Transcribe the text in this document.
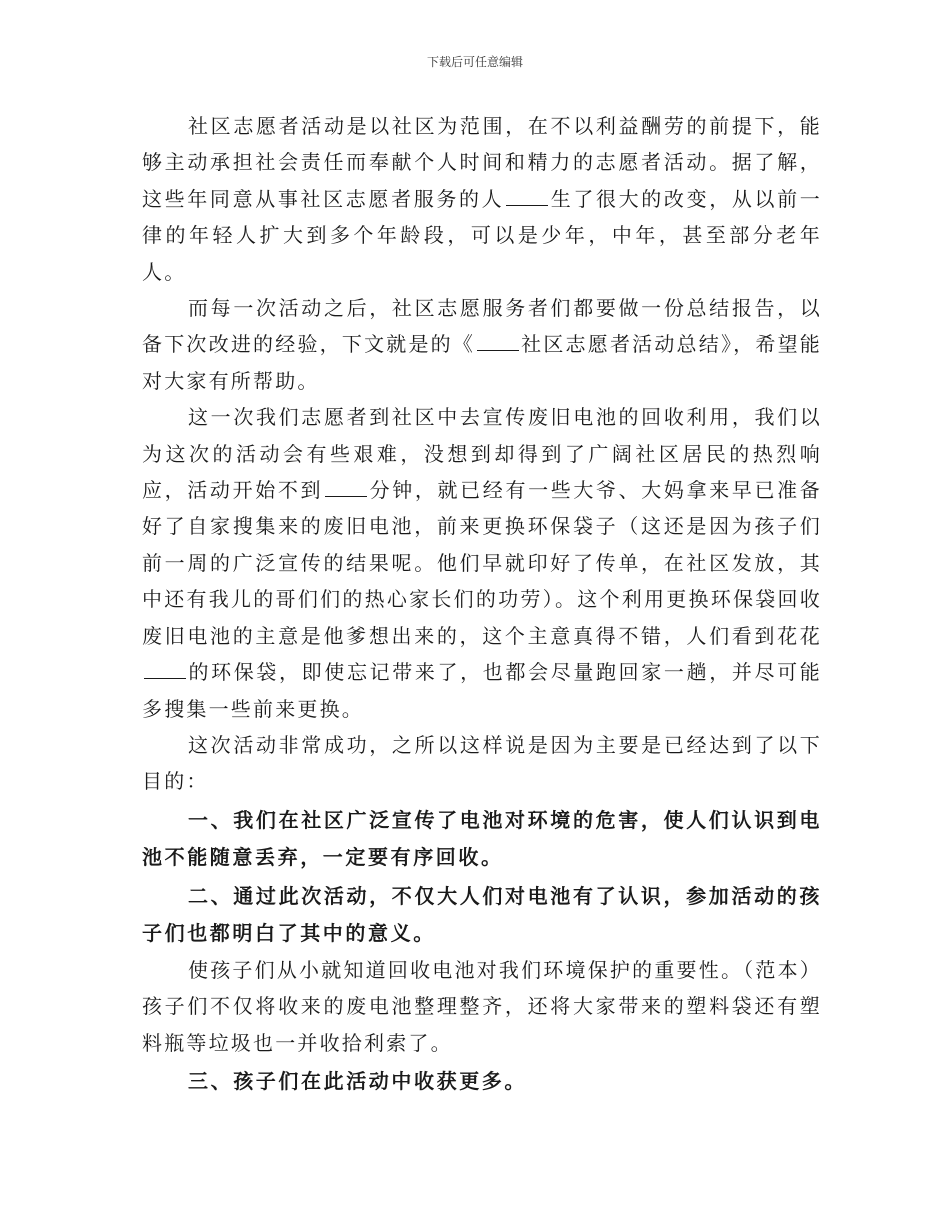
下载后可任意编辑

社区志愿者活动是以社区为范围，在不以利益酬劳的前提下，能够主动承担社会责任而奉献个人时间和精力的志愿者活动。据了解，这些年同意从事社区志愿者服务的人 生了很大的改变，从以前一律的年轻人扩大到多个年龄段，可以是少年，中年，甚至部分老年人。

而每一次活动之后，社区志愿服务者们都要做一份总结报告，以备下次改进的经验，下文就是的《 社区志愿者活动总结》，希望能对大家有所帮助。

这一次我们志愿者到社区中去宣传废旧电池的回收利用，我们以为这次的活动会有些艰难，没想到却得到了广阔社区居民的热烈响应，活动开始不到 分钟，就已经有一些大爷、大妈拿来早已准备好了自家搜集来的废旧电池，前来更换环保袋子（这还是因为孩子们前一周的广泛宣传的结果呢。他们早就印好了传单，在社区发放，其中还有我儿的哥们们的热心家长们的功劳）。这个利用更换环保袋回收废旧电池的主意是他爹想出来的，这个主意真得不错，人们看到花花的环保袋，即使忘记带来了，也都会尽量跑回家一趟，并尽可能多搜集一些前来更换。

这次活动非常成功，之所以这样说是因为主要是已经达到了以下目的：

一、我们在社区广泛宣传了电池对环境的危害，使人们认识到电池不能随意丢弃，一定要有序回收。

二、通过此次活动，不仅大人们对电池有了认识，参加活动的孩子们也都明白了其中的意义。

使孩子们从小就知道回收电池对我们环境保护的重要性。（范本）孩子们不仅将收来的废电池整理整齐，还将大家带来的塑料袋还有塑料瓶等垃圾也一并收拾利索了。

三、孩子们在此活动中收获更多。
